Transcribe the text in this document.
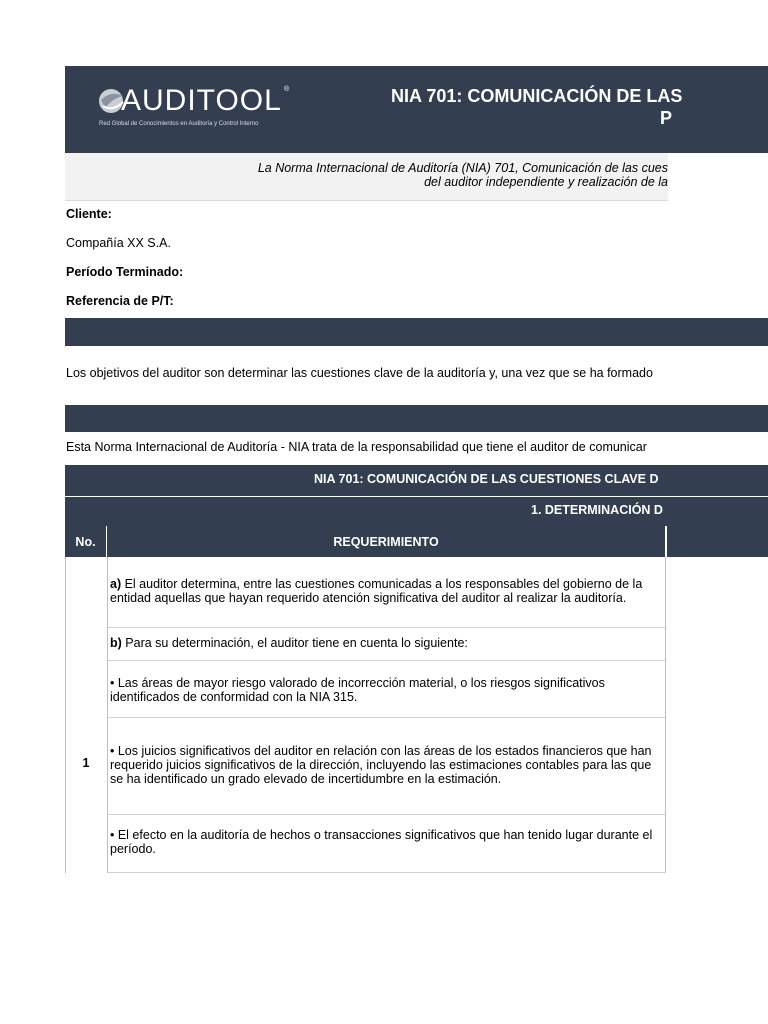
AUDITOOL ®
Red Global de Conocimientos en Auditoría y Control Interno
NIA 701: COMUNICACIÓN DE LAS
P
La Norma Internacional de Auditoría (NIA) 701, Comunicación de las cues
del auditor independiente y realización de la
Cliente:
Compañía XX S.A.
Período Terminado:
Referencia de P/T:
Los objetivos del auditor son determinar las cuestiones clave de la auditoría y, una vez que se ha formado
Esta Norma Internacional de Auditoría - NIA trata de la responsabilidad que tiene el auditor de comunicar
NIA 701: COMUNICACIÓN DE LAS CUESTIONES CLAVE D
1. DETERMINACIÓN D
No.	REQUERIMIENTO
1
a) El auditor determina, entre las cuestiones comunicadas a los responsables del gobierno de la entidad aquellas que hayan requerido atención significativa del auditor al realizar la auditoría.
b) Para su determinación, el auditor tiene en cuenta lo siguiente:
• Las áreas de mayor riesgo valorado de incorrección material, o los riesgos significativos identificados de conformidad con la NIA 315.
• Los juicios significativos del auditor en relación con las áreas de los estados financieros que han requerido juicios significativos de la dirección, incluyendo las estimaciones contables para las que se ha identificado un grado elevado de incertidumbre en la estimación.
• El efecto en la auditoría de hechos o transacciones significativos que han tenido lugar durante el período.
